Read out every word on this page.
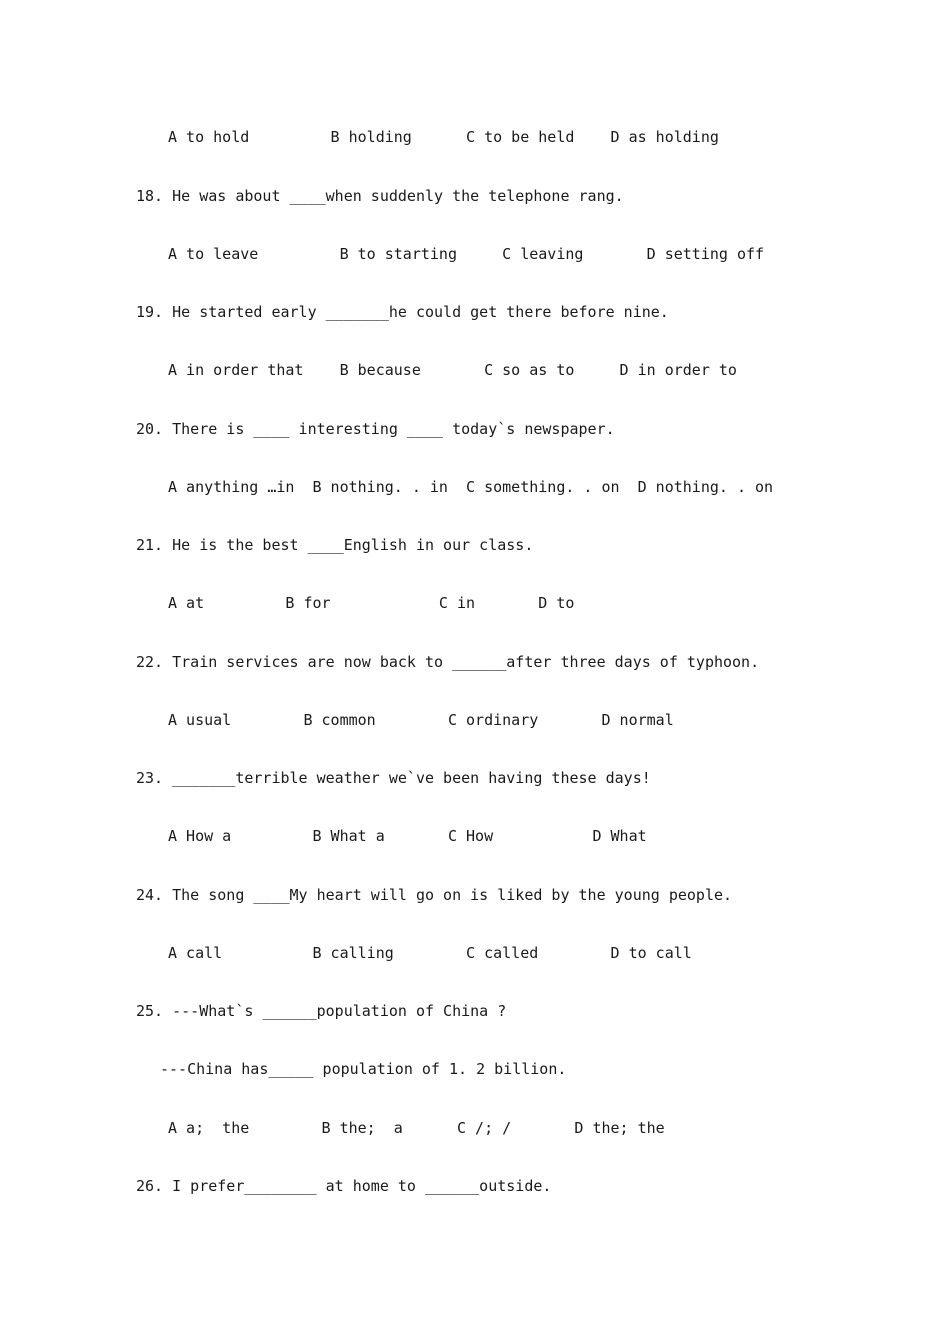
A to hold         B holding      C to be held    D as holding
18. He was about ____when suddenly the telephone rang.
A to leave         B to starting     C leaving       D setting off
19. He started early _______he could get there before nine.
A in order that    B because       C so as to     D in order to
20. There is ____ interesting ____ today`s newspaper.
A anything …in  B nothing. . in  C something. . on  D nothing. . on
21. He is the best ____English in our class.
A at         B for            C in       D to
22. Train services are now back to ______after three days of typhoon.
A usual        B common        C ordinary       D normal
23. _______terrible weather we`ve been having these days!
A How a         B What a       C How           D What
24. The song ____My heart will go on is liked by the young people.
A call          B calling        C called        D to call
25. ---What`s ______population of China ?
---China has_____ population of 1. 2 billion.
A a;  the        B the;  a      C /; /       D the; the
26. I prefer________ at home to ______outside.
